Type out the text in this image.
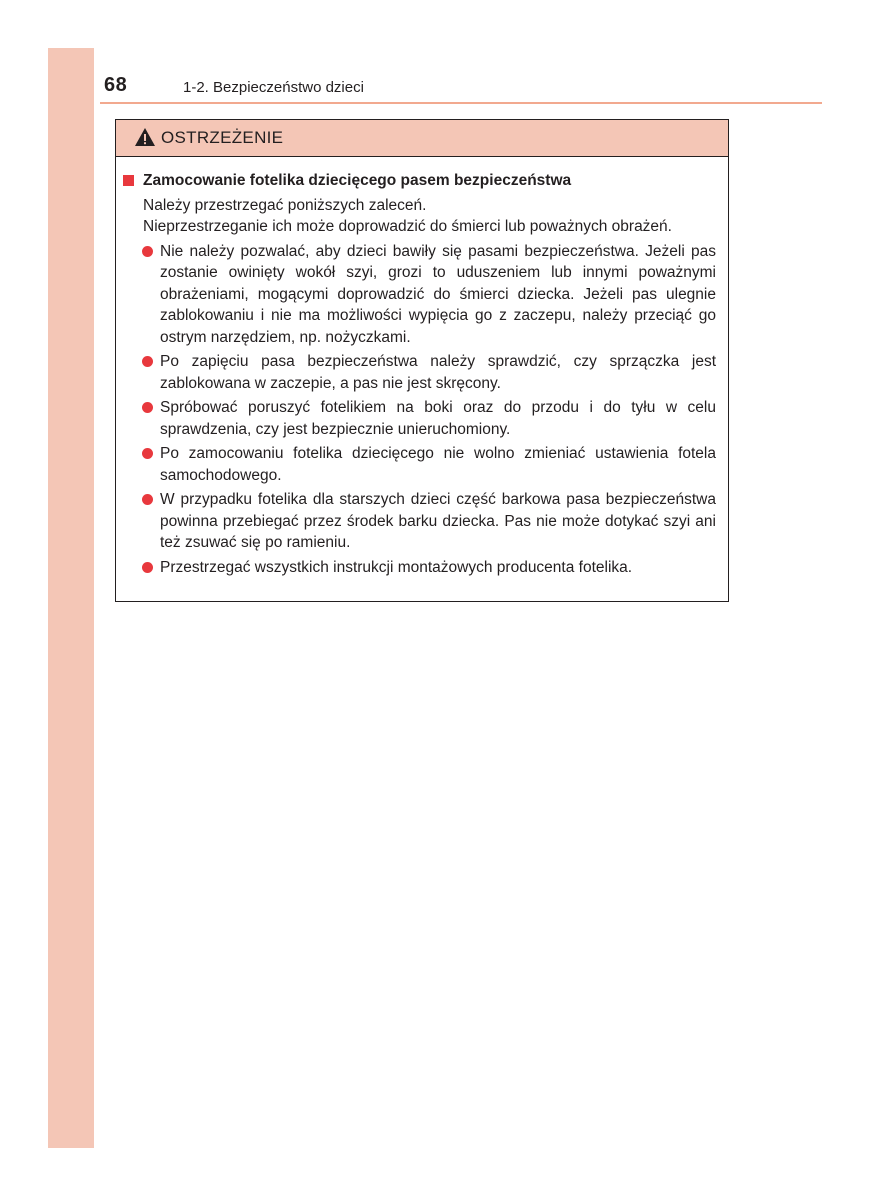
68	1-2. Bezpieczeństwo dzieci
OSTRZEŻENIE
Zamocowanie fotelika dziecięcego pasem bezpieczeństwa

Należy przestrzegać poniższych zaleceń.

Nieprzestrzeganie ich może doprowadzić do śmierci lub poważnych obrażeń.

Nie należy pozwalać, aby dzieci bawiły się pasami bezpieczeństwa. Jeżeli pas zostanie owinięty wokół szyi, grozi to uduszeniem lub innymi poważnymi obrażeniami, mogącymi doprowadzić do śmierci dziecka. Jeżeli pas ulegnie zablokowaniu i nie ma możliwości wypięcia go z zaczepu, należy przeciąć go ostrym narzędziem, np. nożyczkami.
Po zapięciu pasa bezpieczeństwa należy sprawdzić, czy sprzączka jest zablokowana w zaczepie, a pas nie jest skręcony.
Spróbować poruszyć fotelikiem na boki oraz do przodu i do tyłu w celu sprawdzenia, czy jest bezpiecznie unieruchomiony.
Po zamocowaniu fotelika dziecięcego nie wolno zmieniać ustawienia fotela samochodowego.
W przypadku fotelika dla starszych dzieci część barkowa pasa bezpieczeństwa powinna przebiegać przez środek barku dziecka. Pas nie może dotykać szyi ani też zsuwać się po ramieniu.
Przestrzegać wszystkich instrukcji montażowych producenta fotelika.
